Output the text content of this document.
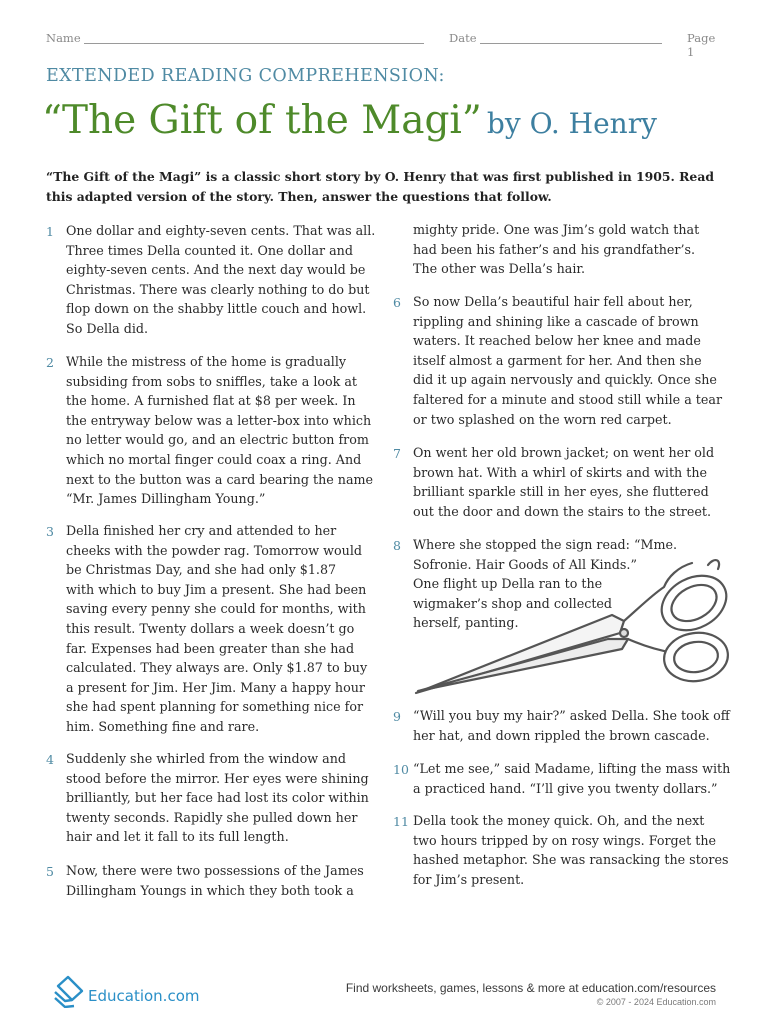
Name	Date	Page 1
EXTENDED READING COMPREHENSION:
“The Gift of the Magi” by O. Henry
“The Gift of the Magi” is a classic short story by O. Henry that was first published in 1905. Read this adapted version of the story. Then, answer the questions that follow.
1 One dollar and eighty-seven cents. That was all.
Three times Della counted it. One dollar and
eighty-seven cents. And the next day would be
Christmas. There was clearly nothing to do but
flop down on the shabby little couch and howl.
So Della did.
2 While the mistress of the home is gradually
subsiding from sobs to sniffles, take a look at
the home. A furnished flat at $8 per week. In
the entryway below was a letter-box into which
no letter would go, and an electric button from
which no mortal finger could coax a ring. And
next to the button was a card bearing the name
“Mr. James Dillingham Young.”
3 Della finished her cry and attended to her
cheeks with the powder rag. Tomorrow would
be Christmas Day, and she had only $1.87
with which to buy Jim a present. She had been
saving every penny she could for months, with
this result. Twenty dollars a week doesn’t go
far. Expenses had been greater than she had
calculated. They always are. Only $1.87 to buy
a present for Jim. Her Jim. Many a happy hour
she had spent planning for something nice for
him. Something fine and rare.
4 Suddenly she whirled from the window and
stood before the mirror. Her eyes were shining
brilliantly, but her face had lost its color within
twenty seconds. Rapidly she pulled down her
hair and let it fall to its full length.
5 Now, there were two possessions of the James
Dillingham Youngs in which they both took a
mighty pride. One was Jim’s gold watch that
had been his father’s and his grandfather’s.
The other was Della’s hair.
6 So now Della’s beautiful hair fell about her,
rippling and shining like a cascade of brown
waters. It reached below her knee and made
itself almost a garment for her. And then she
did it up again nervously and quickly. Once she
faltered for a minute and stood still while a tear
or two splashed on the worn red carpet.
7 On went her old brown jacket; on went her old
brown hat. With a whirl of skirts and with the
brilliant sparkle still in her eyes, she fluttered
out the door and down the stairs to the street.
8 Where she stopped the sign read: “Mme.
Sofronie. Hair Goods of All Kinds.”
One flight up Della ran to the
wigmaker’s shop and collected
herself, panting.
9 “Will you buy my hair?” asked Della. She took off
her hat, and down rippled the brown cascade.
10 “Let me see,” said Madame, lifting the mass with
a practiced hand. “I’ll give you twenty dollars.”
11 Della took the money quick. Oh, and the next
two hours tripped by on rosy wings. Forget the
hashed metaphor. She was ransacking the stores
for Jim’s present.
Education.com	Find worksheets, games, lessons & more at education.com/resources
© 2007 - 2024 Education.com
